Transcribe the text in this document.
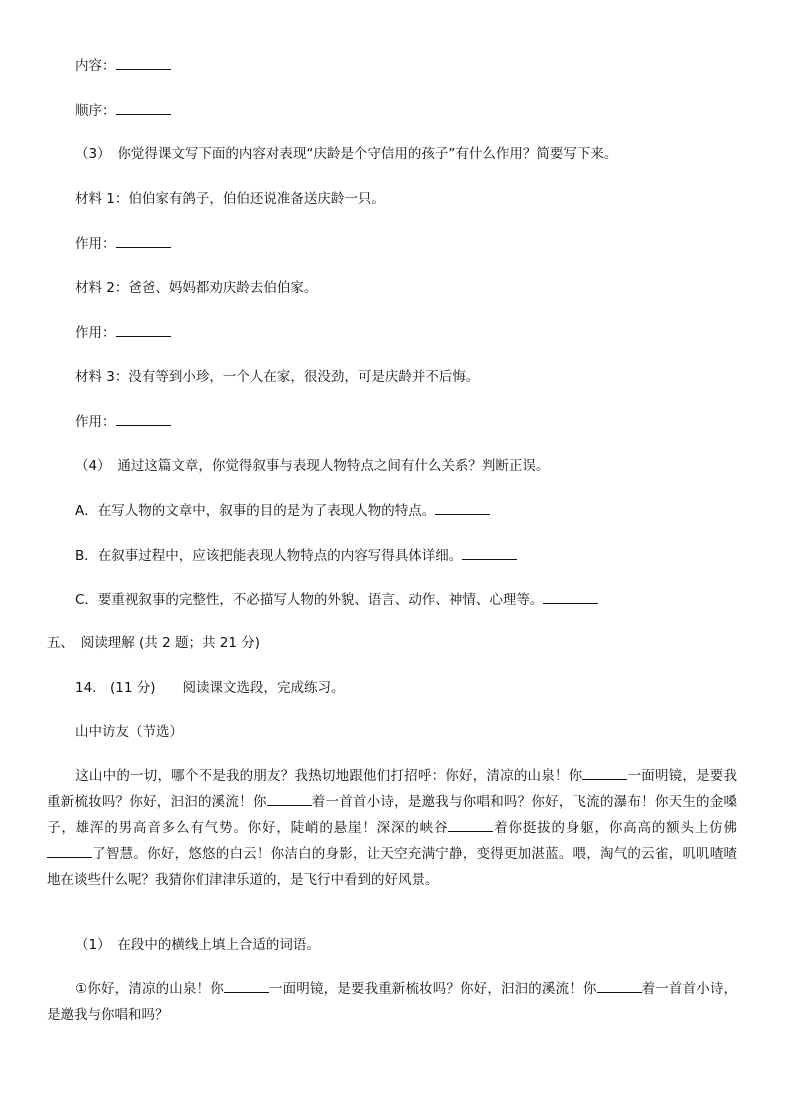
内容：
顺序：
（3）　你觉得课文写下面的内容对表现“庆龄是个守信用的孩子”有什么作用？简要写下来。
材料 1：伯伯家有鸽子，伯伯还说准备送庆龄一只。
作用：
材料 2：爸爸、妈妈都劝庆龄去伯伯家。
作用：
材料 3：没有等到小珍，一个人在家，很没劲，可是庆龄并不后悔。
作用：
（4）　通过这篇文章，你觉得叙事与表现人物特点之间有什么关系？判断正误。
A．在写人物的文章中，叙事的目的是为了表现人物的特点。
B．在叙事过程中，应该把能表现人物特点的内容写得具体详细。
C．要重视叙事的完整性，不必描写人物的外貌、语言、动作、神情、心理等。
五、　阅读理解 (共 2 题；共 21 分)
14.　(11 分)　　阅读课文选段，完成练习。
山中访友（节选）
这山中的一切，哪个不是我的朋友？我热切地跟他们打招呼：你好，清凉的山泉！你	一面明镜，是要我重新梳妆吗？你好，汩汩的溪流！你	着一首首小诗，是邀我与你唱和吗？你好，飞流的瀑布！你天生的金嗓子，雄浑的男高音多么有气势。你好，陡峭的悬崖！深深的峡谷	着你挺拔的身躯，你高高的额头上仿佛了智慧。你好，悠悠的白云！你洁白的身影，让天空充满宁静，变得更加湛蓝。喂，淘气的云雀，叽叽喳喳地在谈些什么呢？我猜你们津津乐道的，是飞行中看到的好风景。
（1）　在段中的横线上填上合适的词语。
①你好，清凉的山泉！你	一面明镜，是要我重新梳妆吗？你好，汩汩的溪流！你	着一首首小诗，是邀我与你唱和吗？
